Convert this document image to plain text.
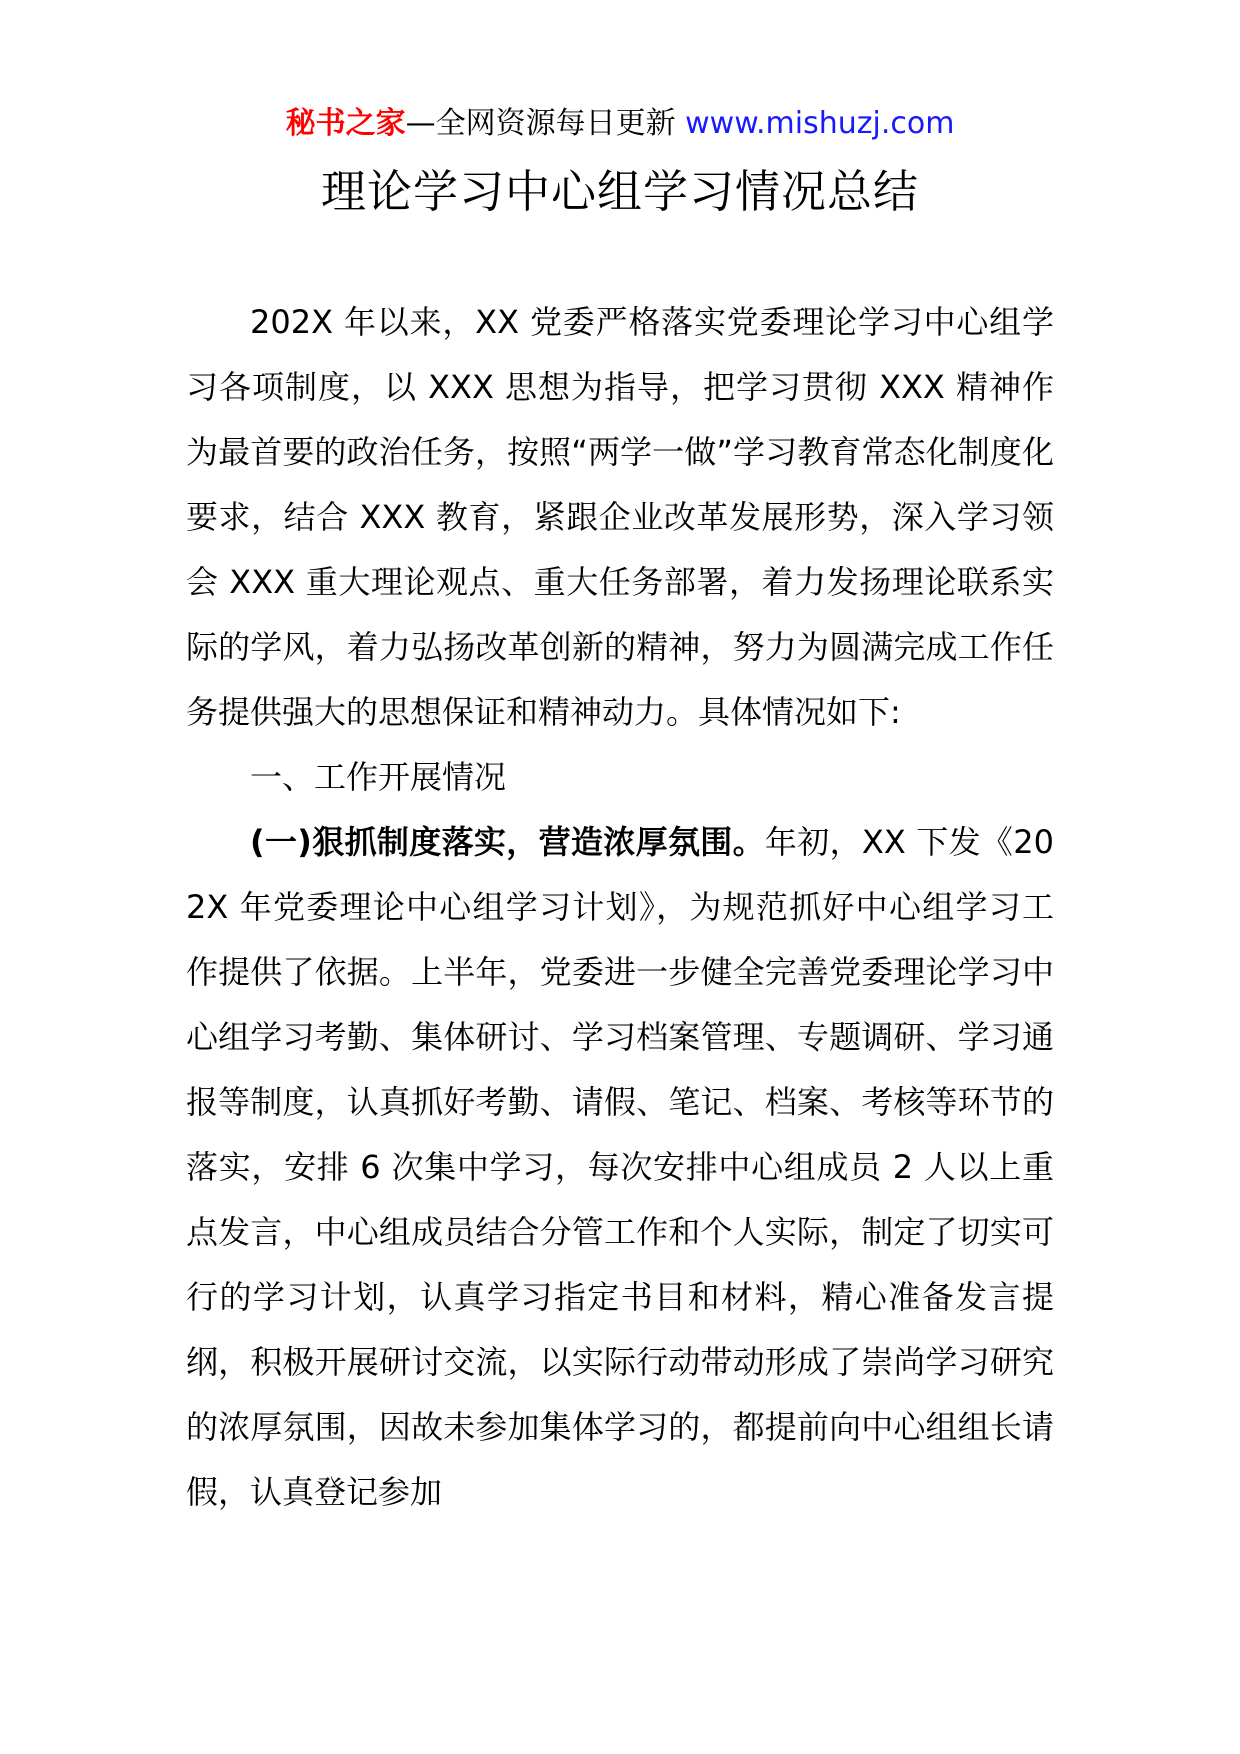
秘书之家—全网资源每日更新 www.mishuzj.com
理论学习中心组学习情况总结

202X 年以来，XX 党委严格落实党委理论学习中心组学习各项制度，以 XXX 思想为指导，把学习贯彻 XXX 精神作为最首要的政治任务，按照“两学一做”学习教育常态化制度化要求，结合 XXX 教育，紧跟企业改革发展形势，深入学习领会 XXX 重大理论观点、重大任务部署，着力发扬理论联系实际的学风，着力弘扬改革创新的精神，努力为圆满完成工作任务提供强大的思想保证和精神动力。具体情况如下:

一、工作开展情况

(一)狠抓制度落实，营造浓厚氛围。年初，XX 下发《202X 年党委理论中心组学习计划》，为规范抓好中心组学习工作提供了依据。上半年，党委进一步健全完善党委理论学习中心组学习考勤、集体研讨、学习档案管理、专题调研、学习通报等制度，认真抓好考勤、请假、笔记、档案、考核等环节的落实，安排 6 次集中学习，每次安排中心组成员 2 人以上重点发言，中心组成员结合分管工作和个人实际，制定了切实可行的学习计划，认真学习指定书目和材料，精心准备发言提纲，积极开展研讨交流，以实际行动带动形成了崇尚学习研究的浓厚氛围，因故未参加集体学习的，都提前向中心组组长请假，认真登记参加
